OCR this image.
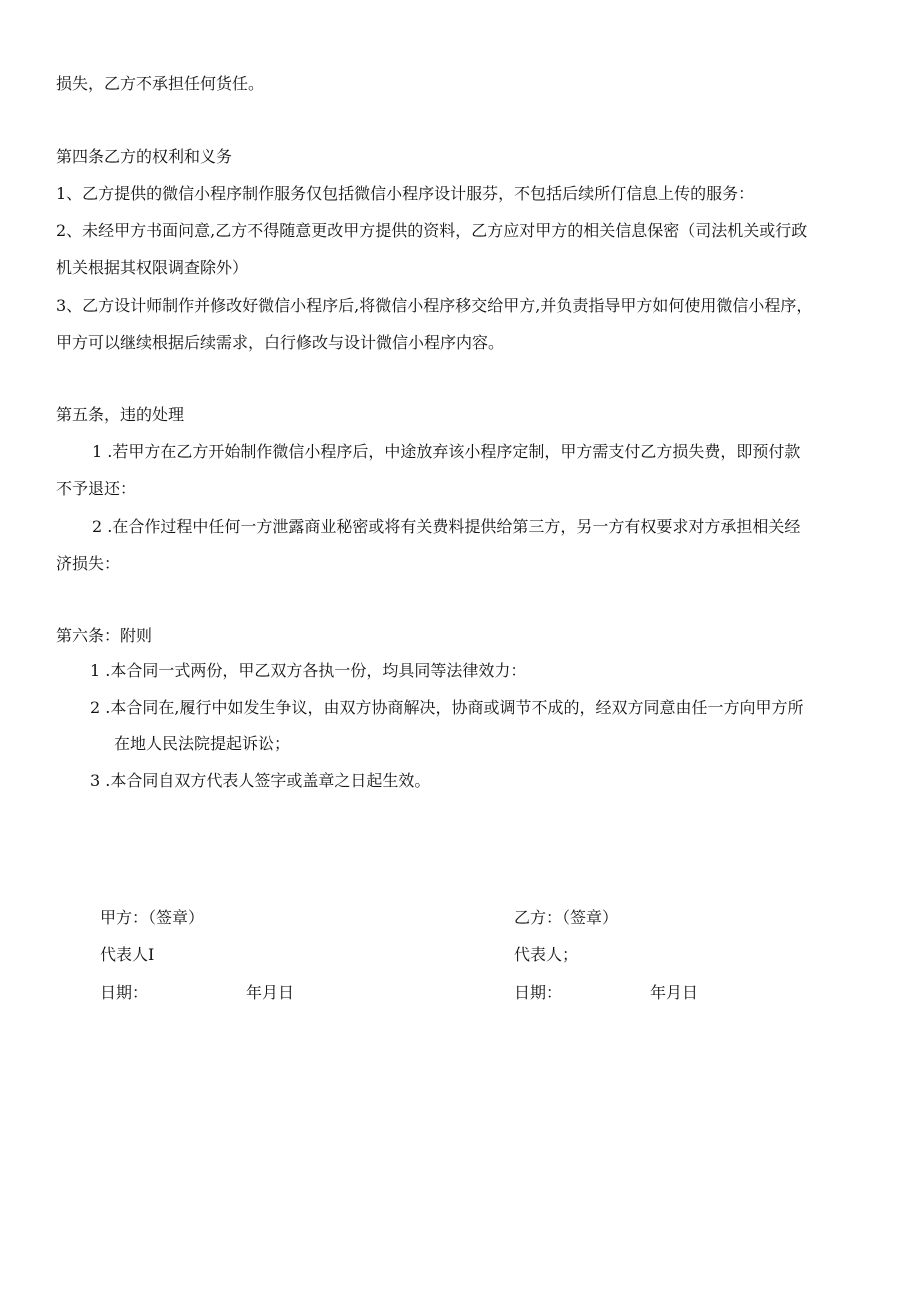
损失，乙方不承担任何货任。
第四条乙方的权利和义务
1、乙方提供的微信小程序制作服务仅包括微信小程序设计服芬，不包括后续所仃信息上传的服务：
2、未经甲方书面问意,乙方不得随意更改甲方提供的资料，乙方应对甲方的相关信息保密（司法机关或行政
机关根据其权限调查除外）
3、乙方设计师制作并修改好微信小程序后,将微信小程序移交给甲方,并负责指导甲方如何使用微信小程序，
甲方可以继续根据后续需求，白行修改与设计微信小程序内容。
第五条，违的处理
1 .若甲方在乙方开始制作微信小程序后，中途放弃该小程序定制，甲方需支付乙方损失费，即预付款
不予退还：
2 .在合作过程中任何一方泄露商业秘密或将有关费料提供给第三方，另一方有权要求对方承担相关经
济损失：
第六条：附则
1 .本合同一式两份，甲乙双方各执一份，均具同等法律效力：
2 .本合同在,履行中如发生争议，由双方协商解决，协商或调节不成的，经双方同意由任一方向甲方所
在地人民法院提起诉讼；
3 .本合同自双方代表人签字或盖章之日起生效。
甲方：（签章）
代表人I
日期：	年月日
乙方：（签章）
代表人；
日期：	年月日
